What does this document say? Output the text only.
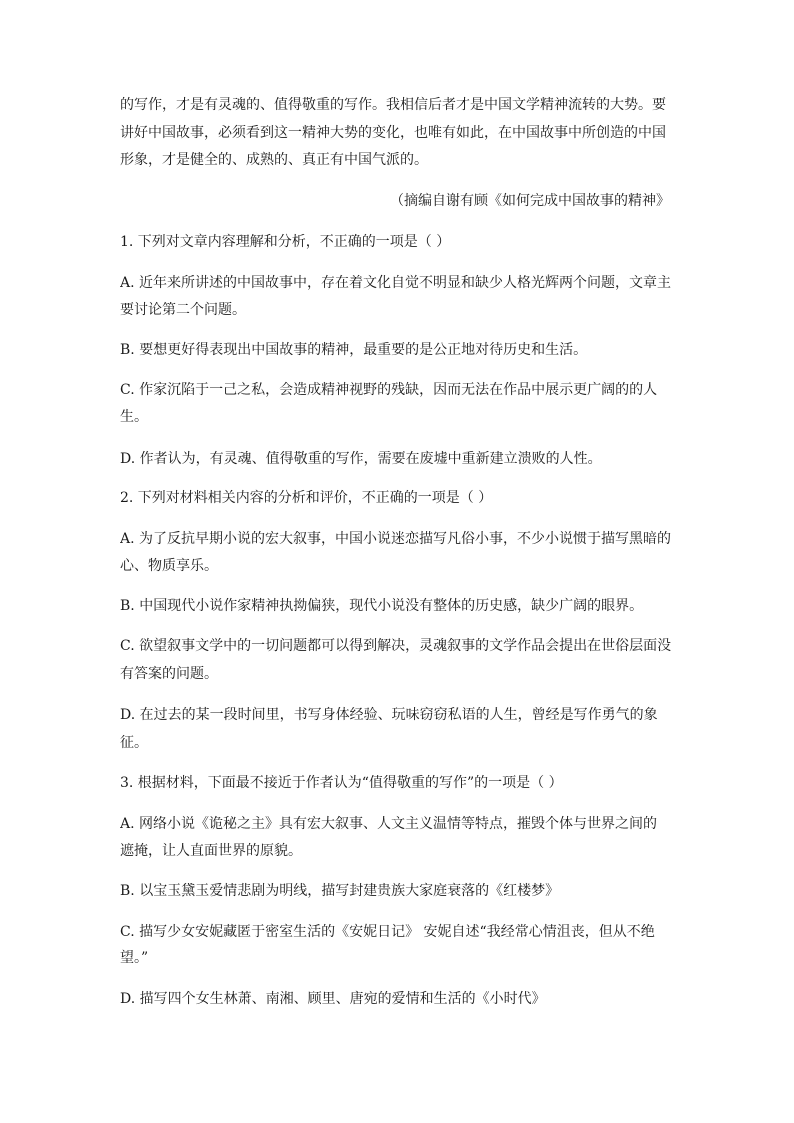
的写作，才是有灵魂的、值得敬重的写作。我相信后者才是中国文学精神流转的大势。要
讲好中国故事，必须看到这一精神大势的变化，也唯有如此，在中国故事中所创造的中国
形象，才是健全的、成熟的、真正有中国气派的。
（摘编自谢有顾《如何完成中国故事的精神》
1. 下列对文章内容理解和分析，不正确的一项是（ ）
A. 近年来所讲述的中国故事中，存在着文化自觉不明显和缺少人格光辉两个问题，文章主
要讨论第二个问题。
B. 要想更好得表现出中国故事的精神，最重要的是公正地对待历史和生活。
C. 作家沉陷于一己之私，会造成精神视野的残缺，因而无法在作品中展示更广阔的的人
生。
D. 作者认为，有灵魂、值得敬重的写作，需要在废墟中重新建立溃败的人性。
2. 下列对材料相关内容的分析和评价，不正确的一项是（ ）
A. 为了反抗早期小说的宏大叙事，中国小说迷恋描写凡俗小事，不少小说惯于描写黑暗的
心、物质享乐。
B. 中国现代小说作家精神执拗偏狭，现代小说没有整体的历史感，缺少广阔的眼界。
C. 欲望叙事文学中的一切问题都可以得到解决，灵魂叙事的文学作品会提出在世俗层面没
有答案的问题。
D. 在过去的某一段时间里，书写身体经验、玩味窃窃私语的人生，曾经是写作勇气的象
征。
3. 根据材料，下面最不接近于作者认为“值得敬重的写作”的一项是（ ）
A. 网络小说《诡秘之主》具有宏大叙事、人文主义温情等特点，摧毁个体与世界之间的
遮掩，让人直面世界的原貌。
B. 以宝玉黛玉爱情悲剧为明线，描写封建贵族大家庭衰落的《红楼梦》
C. 描写少女安妮藏匿于密室生活的《安妮日记》 安妮自述“我经常心情沮丧，但从不绝
望。”
D. 描写四个女生林萧、南湘、顾里、唐宛的爱情和生活的《小时代》
